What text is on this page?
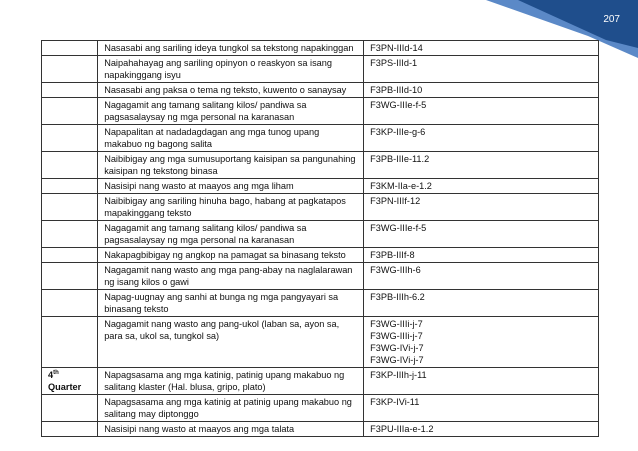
207
	Nasasabi ang sariling ideya tungkol sa tekstong napakinggan	F3PN-IIId-14

	Naipahahayag ang sariling opinyon o reaskyon sa isang napakinggang isyu	F3PS-IIId-1

	Nasasabi ang paksa o tema ng teksto, kuwento o sanaysay	F3PB-IIId-10

	Nagagamit ang tamang salitang kilos/ pandiwa sa pagsasalaysay ng mga personal na karanasan	F3WG-IIIe-f-5

	Napapalitan at nadadagdagan ang mga tunog upang makabuo ng bagong salita	F3KP-IIIe-g-6

	Naibibigay ang mga sumusuportang kaisipan sa pangunahing kaisipan ng tekstong binasa	F3PB-IIIe-11.2

	Nasisipi nang wasto at maayos ang mga liham	F3KM-IIa-e-1.2

	Naibibigay ang sariling hinuha bago, habang at pagkatapos mapakinggang teksto	F3PN-IIIf-12

	Nagagamit ang tamang salitang kilos/ pandiwa sa pagsasalaysay ng mga personal na karanasan	F3WG-IIIe-f-5

	Nakapagbibigay ng angkop na pamagat sa binasang teksto	F3PB-IIIf-8

	Nagagamit nang wasto ang mga pang-abay na naglalarawan ng isang kilos o gawi	F3WG-IIIh-6

	Napag-uugnay ang sanhi at bunga ng mga pangyayari sa binasang teksto	F3PB-IIIh-6.2

	Nagagamit nang wasto ang pang-ukol (laban sa, ayon sa, para sa, ukol sa, tungkol sa)	F3WG-IIIi-j-7
F3WG-IIIi-j-7
F3WG-IVi-j-7
F3WG-IVi-j-7

4th Quarter	Napagsasama ang mga katinig, patinig upang makabuo ng salitang klaster (Hal. blusa, gripo, plato)	F3KP-IIIh-j-11

	Napagsasama ang mga katinig at patinig upang makabuo ng salitang may diptonggo	F3KP-IVi-11

	Nasisipi nang wasto at maayos ang mga talata	F3PU-IIIa-e-1.2
